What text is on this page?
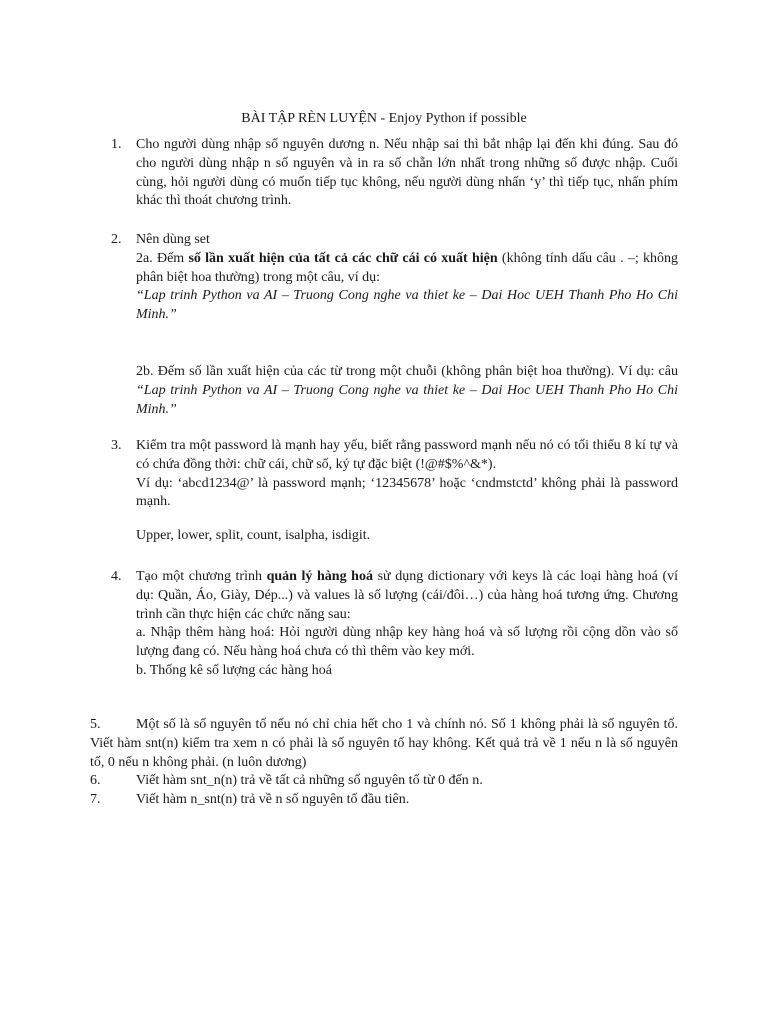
BÀI TẬP RÈN LUYỆN - Enjoy Python if possible
1. Cho người dùng nhập số nguyên dương n. Nếu nhập sai thì bắt nhập lại đến khi đúng. Sau đó cho người dùng nhập n số nguyên và in ra số chẵn lớn nhất trong những số được nhập. Cuối cùng, hỏi người dùng có muốn tiếp tục không, nếu người dùng nhấn ‘y’ thì tiếp tục, nhấn phím khác thì thoát chương trình.

2. Nên dùng set

2a. Đếm số lần xuất hiện của tất cả các chữ cái có xuất hiện (không tính dấu câu . –; không phân biệt hoa thường) trong một câu, ví dụ:

“Lap trinh Python va AI – Truong Cong nghe va thiet ke – Dai Hoc UEH Thanh Pho Ho Chi Minh.”

2b. Đếm số lần xuất hiện của các từ trong một chuỗi (không phân biệt hoa thường). Ví dụ: câu “Lap trinh Python va AI – Truong Cong nghe va thiet ke – Dai Hoc UEH Thanh Pho Ho Chi Minh.”

3. Kiểm tra một password là mạnh hay yếu, biết rằng password mạnh nếu nó có tối thiểu 8 kí tự và có chứa đồng thời: chữ cái, chữ số, ký tự đặc biệt (!@#$%^&*).

Ví dụ: ‘abcd1234@’ là password mạnh; ‘12345678’ hoặc ‘cndmstctd’ không phải là password mạnh.

Upper, lower, split, count, isalpha, isdigit.

4. Tạo một chương trình quản lý hàng hoá sử dụng dictionary với keys là các loại hàng hoá (ví dụ: Quần, Áo, Giày, Dép...) và values là số lượng (cái/đôi…) của hàng hoá tương ứng. Chương trình cần thực hiện các chức năng sau:

a. Nhập thêm hàng hoá: Hỏi người dùng nhập key hàng hoá và số lượng rồi cộng dồn vào số lượng đang có. Nếu hàng hoá chưa có thì thêm vào key mới.

b. Thống kê số lượng các hàng hoá

5.	Một số là số nguyên tố nếu nó chỉ chia hết cho 1 và chính nó. Số 1 không phải là số nguyên tố. Viết hàm snt(n) kiểm tra xem n có phải là số nguyên tố hay không. Kết quả trả về 1 nếu n là số nguyên tố, 0 nếu n không phải. (n luôn dương)

6.	Viết hàm snt_n(n) trả về tất cả những số nguyên tố từ 0 đến n.
7.	Viết hàm n_snt(n) trả về n số nguyên tố đầu tiên.
